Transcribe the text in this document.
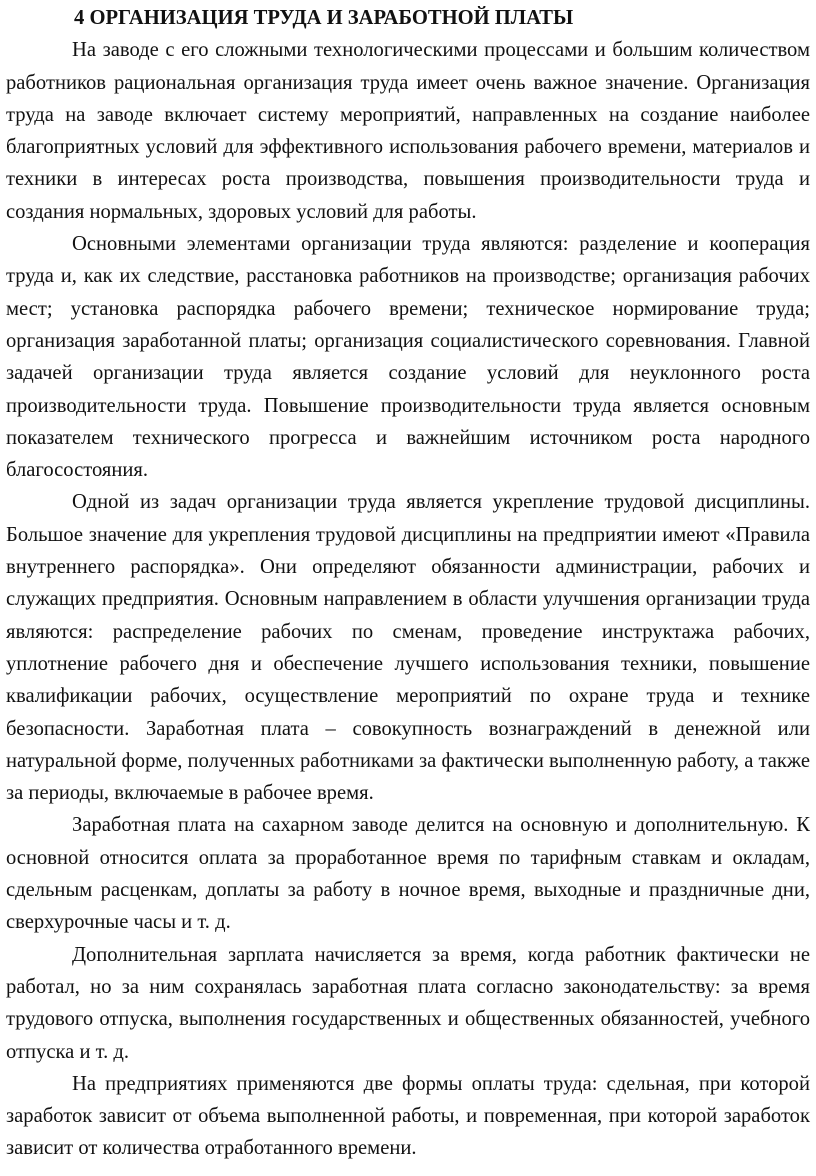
4 ОРГАНИЗАЦИЯ ТРУДА И ЗАРАБОТНОЙ ПЛАТЫ

На заводе с его сложными технологическими процессами и большим количеством работников рациональная организация труда имеет очень важное значение. Организация труда на заводе включает систему мероприятий, направленных на создание наиболее благоприятных условий для эффективного использования рабочего времени, материалов и техники в интересах роста производства, повышения производительности труда и создания нормальных, здоровых условий для работы.

Основными элементами организации труда являются: разделение и кооперация труда и, как их следствие, расстановка работников на производстве; организация рабочих мест; установка распорядка рабочего времени; техническое нормирование труда; организация заработанной платы; организация социалистического соревнования. Главной задачей организации труда является создание условий для неуклонного роста производительности труда. Повышение производительности труда является основным показателем технического прогресса и важнейшим источником роста народного благосостояния.

Одной из задач организации труда является укрепление трудовой дисциплины. Большое значение для укрепления трудовой дисциплины на предприятии имеют «Правила внутреннего распорядка». Они определяют обязанности администрации, рабочих и служащих предприятия. Основным направлением в области улучшения организации труда являются: распределение рабочих по сменам, проведение инструктажа рабочих, уплотнение рабочего дня и обеспечение лучшего использования техники, повышение квалификации рабочих, осуществление мероприятий по охране труда и технике безопасности. Заработная плата – совокупность вознаграждений в денежной или натуральной форме, полученных работниками за фактически выполненную работу, а также за периоды, включаемые в рабочее время.

Заработная плата на сахарном заводе делится на основную и дополнительную. К основной относится оплата за проработанное время по тарифным ставкам и окладам, сдельным расценкам, доплаты за работу в ночное время, выходные и праздничные дни, сверхурочные часы и т. д.

Дополнительная зарплата начисляется за время, когда работник фактически не работал, но за ним сохранялась заработная плата согласно законодательству: за время трудового отпуска, выполнения государственных и общественных обязанностей, учебного отпуска и т. д.

На предприятиях применяются две формы оплаты труда: сдельная, при которой заработок зависит от объема выполненной работы, и повременная, при которой заработок зависит от количества отработанного времени.
